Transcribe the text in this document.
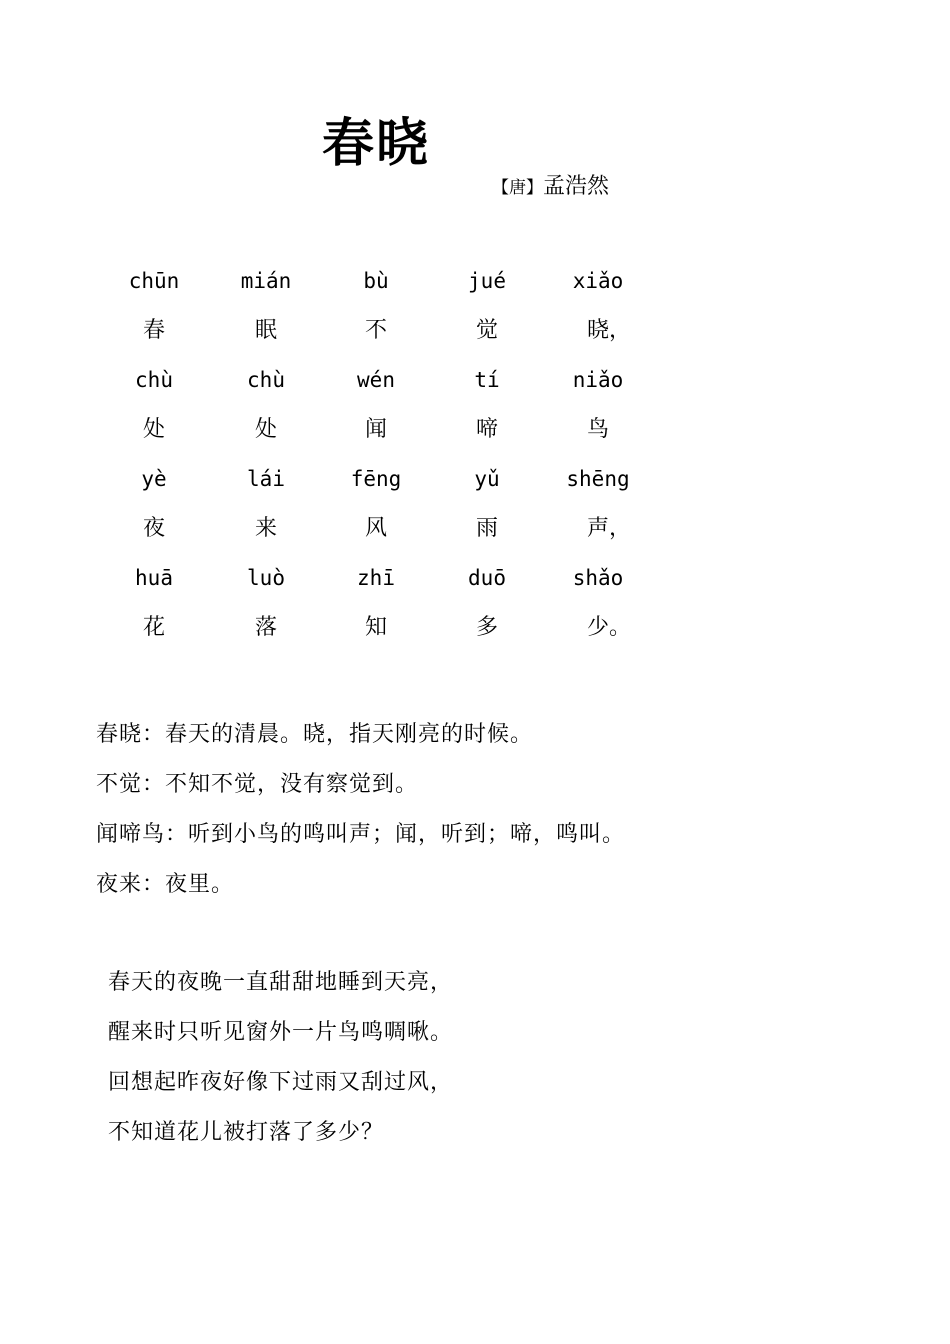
春晓
【唐】孟浩然
chūn	mián	bù	jué	xiǎo
春	眠	不	觉	晓，
chù	chù	wén	tí	niǎo
处	处	闻	啼	鸟
yè	lái	fēng	yǔ	shēng
夜	来	风	雨	声，
huā	luò	zhī	duō	shǎo
花	落	知	多	少。
春晓：春天的清晨。晓，指天刚亮的时候。
不觉：不知不觉，没有察觉到。
闻啼鸟：听到小鸟的鸣叫声；闻，听到；啼，鸣叫。
夜来：夜里。
春天的夜晚一直甜甜地睡到天亮，
醒来时只听见窗外一片鸟鸣啁啾。
回想起昨夜好像下过雨又刮过风，
不知道花儿被打落了多少？
